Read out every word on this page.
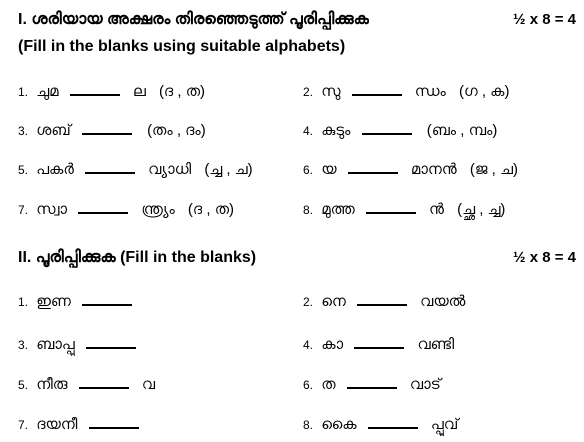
I. ശരിയായ അക്ഷരം തിരഞ്ഞെടുത്ത് പൂരിപ്പിക്കുക	½ x 8 = 4
(Fill in the blanks using suitable alphabets)
1. ചുമ	ല (ദ , ത)	2. സു	ന്ധം (ഗ , ക)
3. ശബ്	(തം , ദം)	4. കുടും	(ബം , മ്പം)
5. പകർ	വ്യാധി (ച്ച , ച)	6. യ	മാനൻ (ജ , ച)
7. സ്വാ	ന്ത്ര്യം (ദ , ത)	8. മുത്ത	ൻ (ച്ഛ , ച്ച)
II. പൂരിപ്പിക്കുക (Fill in the blanks)	½ x 8 = 4
1. ഇണ	2. നെ	വയൽ
3. ബാപ്പു	4. കാ	വണ്ടി
5. നീരു	വ	6. ത	വാട്
7. ദയനീ	8. കൈ	പ്പൂവ്
